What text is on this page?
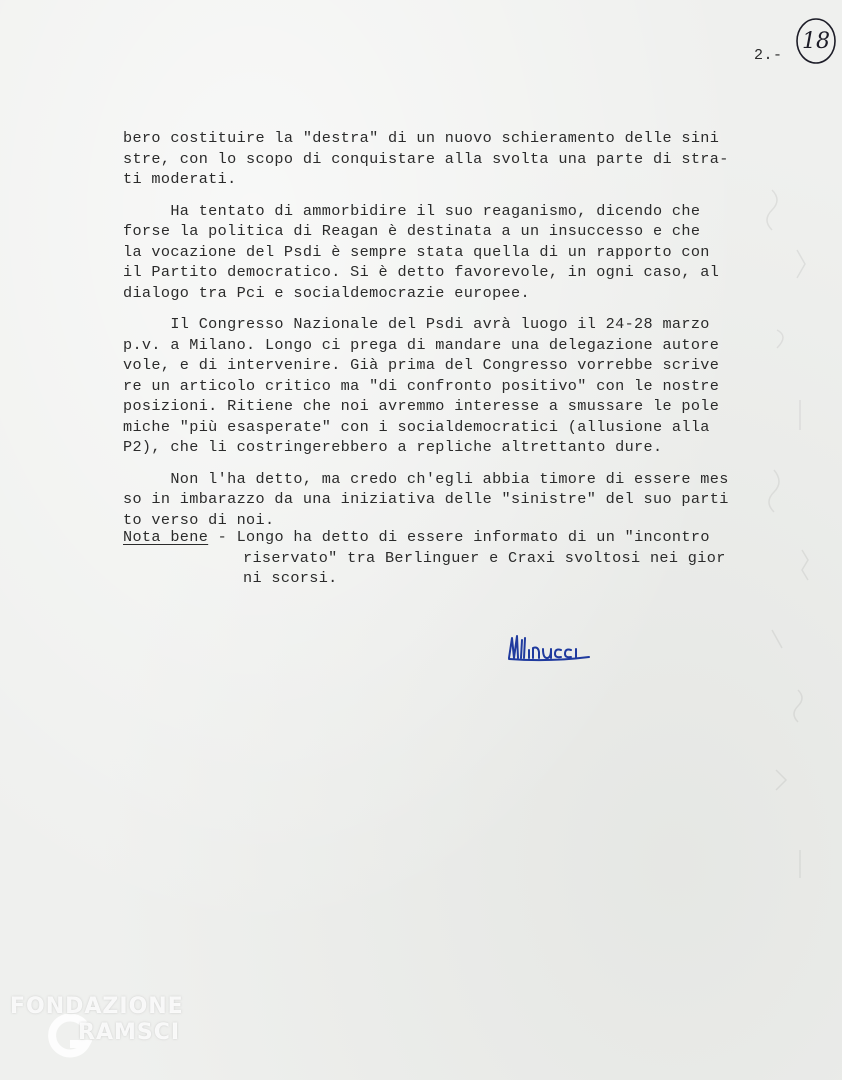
2.-
18
bero costituire la "destra" di un nuovo schieramento delle sini
stre, con lo scopo di conquistare alla svolta una parte di stra-
ti moderati.
Ha tentato di ammorbidire il suo reaganismo, dicendo che
forse la politica di Reagan è destinata a un insuccesso e che
la vocazione del Psdi è sempre stata quella di un rapporto con
il Partito democratico. Si è detto favorevole, in ogni caso, al
dialogo tra Pci e socialdemocrazie europee.
Il Congresso Nazionale del Psdi avrà luogo il 24-28 marzo
p.v. a Milano. Longo ci prega di mandare una delegazione autore
vole, e di intervenire. Già prima del Congresso vorrebbe scrive
re un articolo critico ma "di confronto positivo" con le nostre
posizioni. Ritiene che noi avremmo interesse a smussare le pole
miche "più esasperate" con i socialdemocratici (allusione alla
P2), che li costringerebbero a repliche altrettanto dure.
Non l'ha detto, ma credo ch'egli abbia timore di essere mes
so in imbarazzo da una iniziativa delle "sinistre" del suo parti
to verso di noi.
Nota bene - Longo ha detto di essere informato di un "incontro
riservato" tra Berlinguer e Craxi svoltosi nei gior
ni scorsi.
FONDAZIONE
RAMSCI
